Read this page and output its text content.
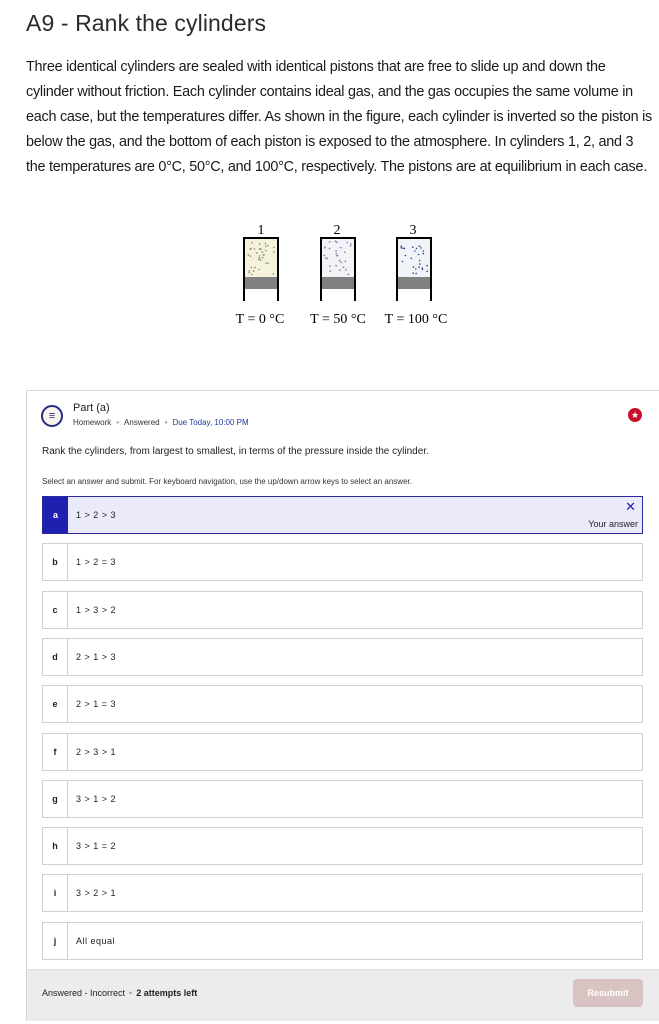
A9 - Rank the cylinders

Three identical cylinders are sealed with identical pistons that are free to slide up and down the cylinder without friction. Each cylinder contains ideal gas, and the gas occupies the same volume in each case, but the temperatures differ. As shown in the figure, each cylinder is inverted so the piston is below the gas, and the bottom of each piston is exposed to the atmosphere. In cylinders 1, 2, and 3 the temperatures are 0°C, 50°C, and 100°C, respectively. The pistons are at equilibrium in each case.

1
T = 0 °C
2
T = 50 °C
3
T = 100 °C
≡
Part (a)
Homework • Answered • Due Today, 10:00 PM
★
Rank the cylinders, from largest to smallest, in terms of the pressure inside the cylinder.
Select an answer and submit. For keyboard navigation, use the up/down arrow keys to select an answer.
a	1 > 2 > 3
✕
Your answer
b	1 > 2 = 3
c	1 > 3 > 2
d	2 > 1 > 3
e	2 > 1 = 3
f	2 > 3 > 1
g	3 > 1 > 2
h	3 > 1 = 2
i	3 > 2 > 1
j	All equal
Answered - Incorrect • 2 attempts left	Resubmit
